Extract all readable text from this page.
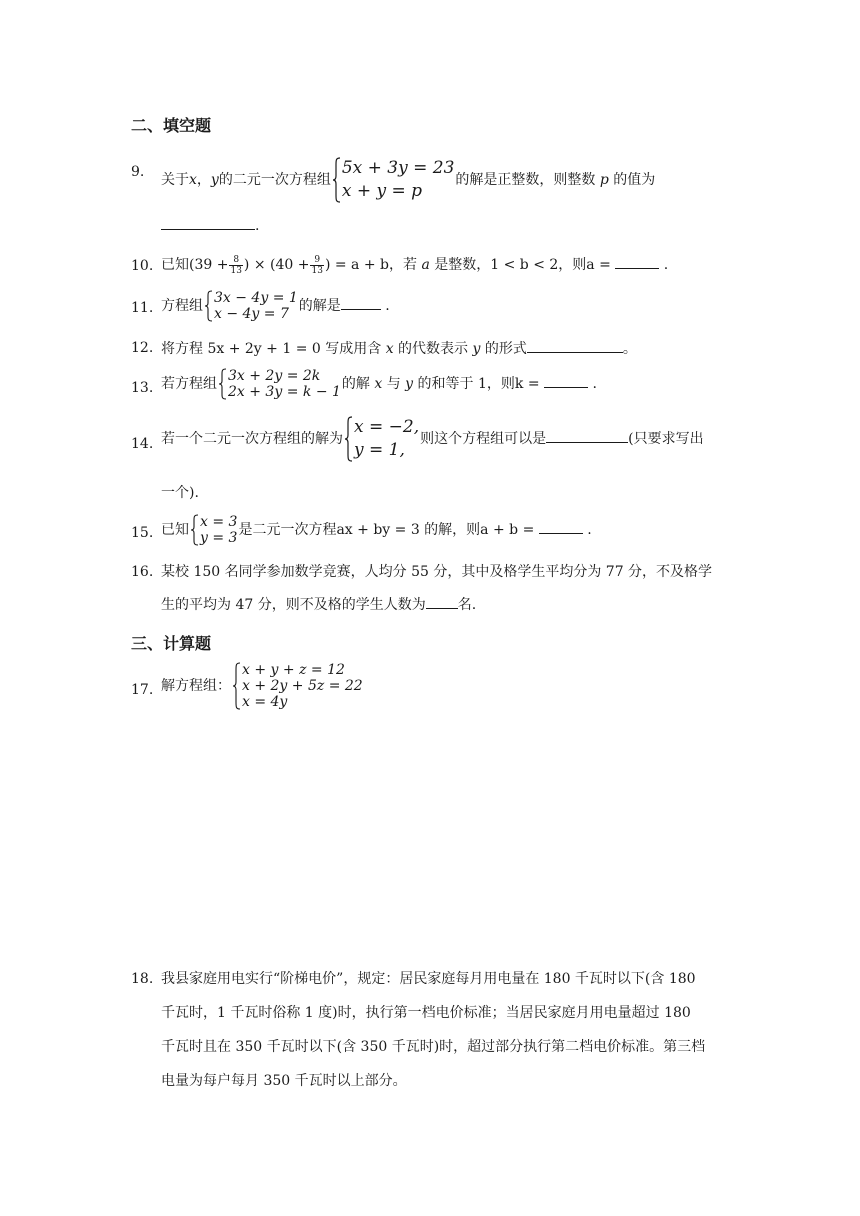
二、填空题
9. 关于x，y的二元一次方程组
5x + 3y = 23
x + y = p
的解是正整数，则整数 p 的值为
.
10. 已知($39 + \frac{8}{13}$ ) × ($40 + \frac{9}{13}$ ) = a + b，若 a 是整数，1 < b < 2，则a =	.
11. 方程组 3x − 4y = 1
x − 4y = 7 的解是	.
12. 将方程 5x + 2y + 1 = 0 写成用含 x 的代数表示 y 的形式	。
13. 若方程组 3x + 2y = 2k
2x + 3y = k − 1 的解 x 与 y 的和等于 1，则k =	.
14. 若一个二元一次方程组的解为
x = −2,
y = 1,
则这个方程组可以是	(只要求写出
一个).
15. 已知 x = 3
y = 3 是二元一次方程ax + by = 3 的解，则a + b =	.
16. 某校 150 名同学参加数学竞赛，人均分 55 分，其中及格学生平均分为 77 分，不及格学
生的平均为 47 分，则不及格的学生人数为 名.
三、计算题
17. 解方程组：
x + y + z = 12
x + 2y + 5z = 22
x = 4y
18. 我县家庭用电实行“阶梯电价”，规定：居民家庭每月用电量在 180 千瓦时以下(含 180
千瓦时，1 千瓦时俗称 1 度)时，执行第一档电价标准；当居民家庭月用电量超过 180
千瓦时且在 350 千瓦时以下(含 350 千瓦时)时，超过部分执行第二档电价标准。第三档
电量为每户每月 350 千瓦时以上部分。
